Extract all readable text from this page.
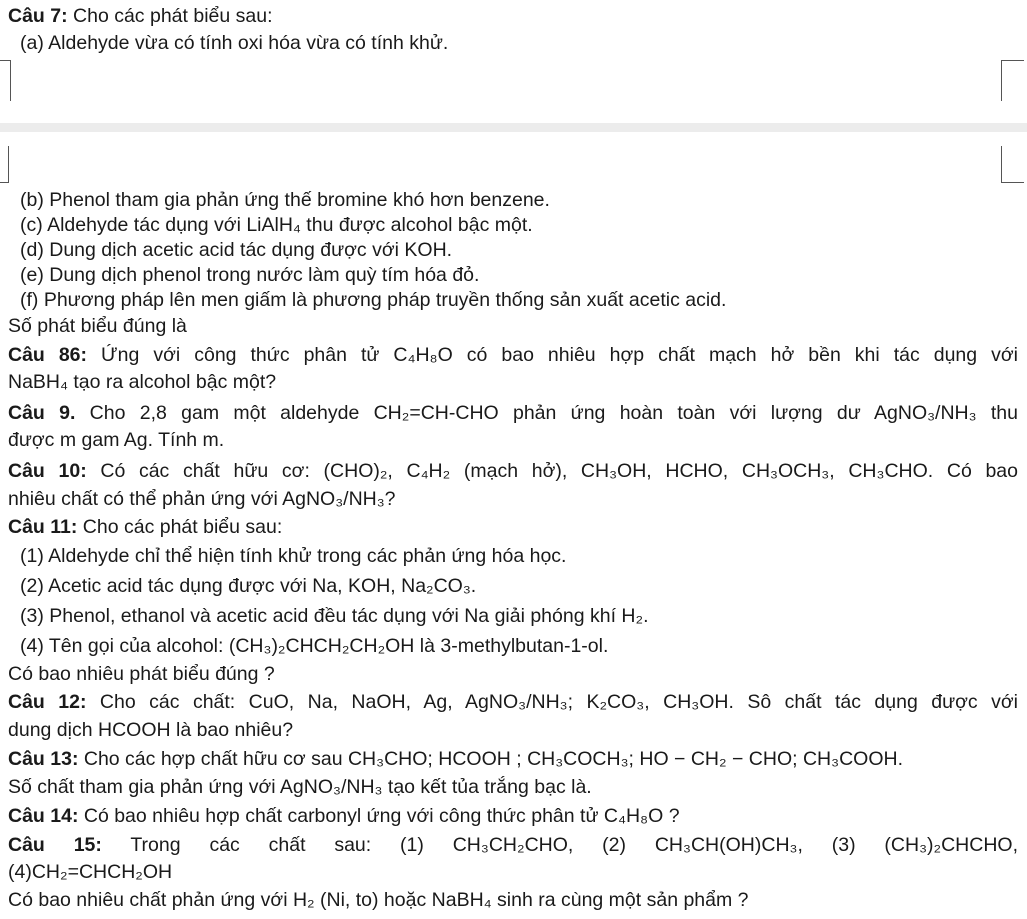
Câu 7: Cho các phát biểu sau:
(a) Aldehyde vừa có tính oxi hóa vừa có tính khử.
(b) Phenol tham gia phản ứng thế bromine khó hơn benzene.
(c) Aldehyde tác dụng với LiAlH₄ thu được alcohol bậc một.
(d) Dung dịch acetic acid tác dụng được với KOH.
(e) Dung dịch phenol trong nước làm quỳ tím hóa đỏ.
(f) Phương pháp lên men giấm là phương pháp truyền thống sản xuất acetic acid.
Số phát biểu đúng là
Câu 86: Ứng với công thức phân tử C₄H₈O có bao nhiêu hợp chất mạch hở bền khi tác dụng với
NaBH₄ tạo ra alcohol bậc một?
Câu 9. Cho 2,8 gam một aldehyde CH₂=CH-CHO phản ứng hoàn toàn với lượng dư AgNO₃/NH₃ thu
được m gam Ag. Tính m.
Câu 10: Có các chất hữu cơ: (CHO)₂, C₄H₂ (mạch hở), CH₃OH, HCHO, CH₃OCH₃, CH₃CHO. Có bao
nhiêu chất có thể phản ứng với AgNO₃/NH₃?
Câu 11: Cho các phát biểu sau:
(1) Aldehyde chỉ thể hiện tính khử trong các phản ứng hóa học.
(2) Acetic acid tác dụng được với Na, KOH, Na₂CO₃.
(3) Phenol, ethanol và acetic acid đều tác dụng với Na giải phóng khí H₂.
(4) Tên gọi của alcohol: (CH₃)₂CHCH₂CH₂OH là 3-methylbutan-1-ol.
Có bao nhiêu phát biểu đúng ?
Câu 12: Cho các chất: CuO, Na, NaOH, Ag, AgNO₃/NH₃; K₂CO₃, CH₃OH. Sô chất tác dụng được với
dung dịch HCOOH là bao nhiêu?
Câu 13: Cho các hợp chất hữu cơ sau CH₃CHO; HCOOH ; CH₃COCH₃; HO − CH₂ − CHO; CH₃COOH.
Số chất tham gia phản ứng với AgNO₃/NH₃ tạo kết tủa trắng bạc là.
Câu 14: Có bao nhiêu hợp chất carbonyl ứng với công thức phân tử C₄H₈O ?
Câu 15: Trong các chất sau: (1) CH₃CH₂CHO, (2) CH₃CH(OH)CH₃, (3) (CH₃)₂CHCHO,
(4)CH₂=CHCH₂OH
Có bao nhiêu chất phản ứng với H₂ (Ni, to) hoặc NaBH₄ sinh ra cùng một sản phẩm ?
